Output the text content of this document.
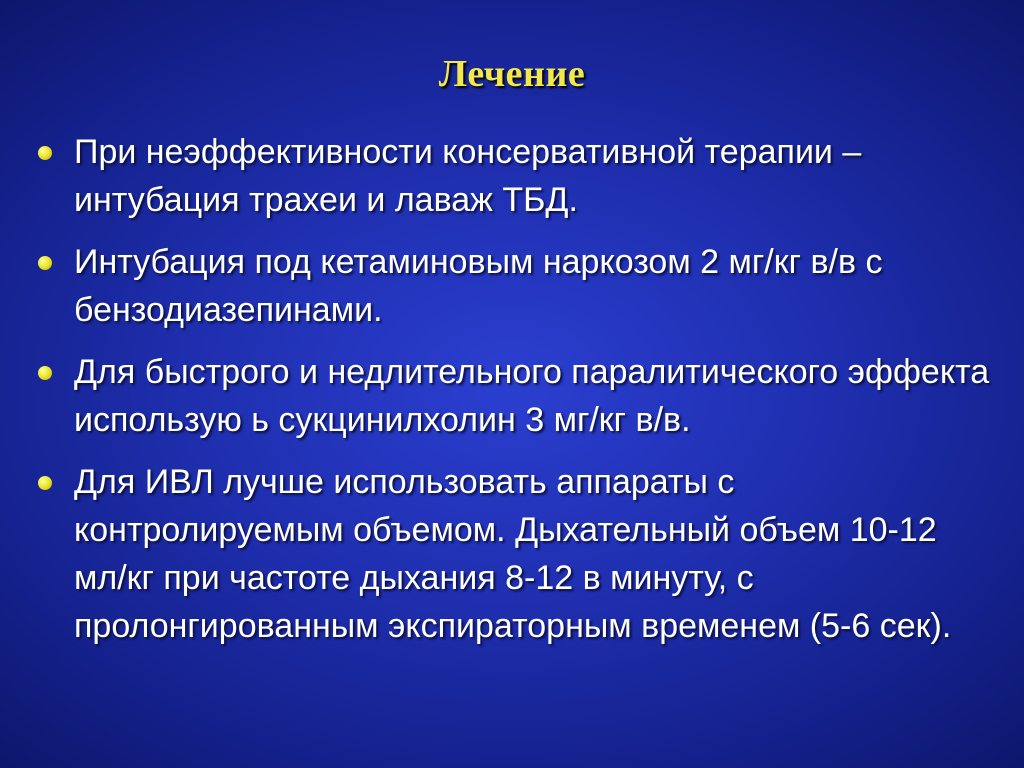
Лечение
При неэффективности консервативной терапии – интубация трахеи и лаваж ТБД.
Интубация под кетаминовым наркозом 2 мг/кг в/в с бензодиазепинами.
Для быстрого и недлительного паралитического эффекта использую ь сукцинилхолин 3 мг/кг в/в.
Для ИВЛ лучше использовать аппараты с контролируемым объемом. Дыхательный объем 10-12 мл/кг при частоте дыхания 8-12 в минуту, с пролонгированным экспираторным временем (5-6 сек).
